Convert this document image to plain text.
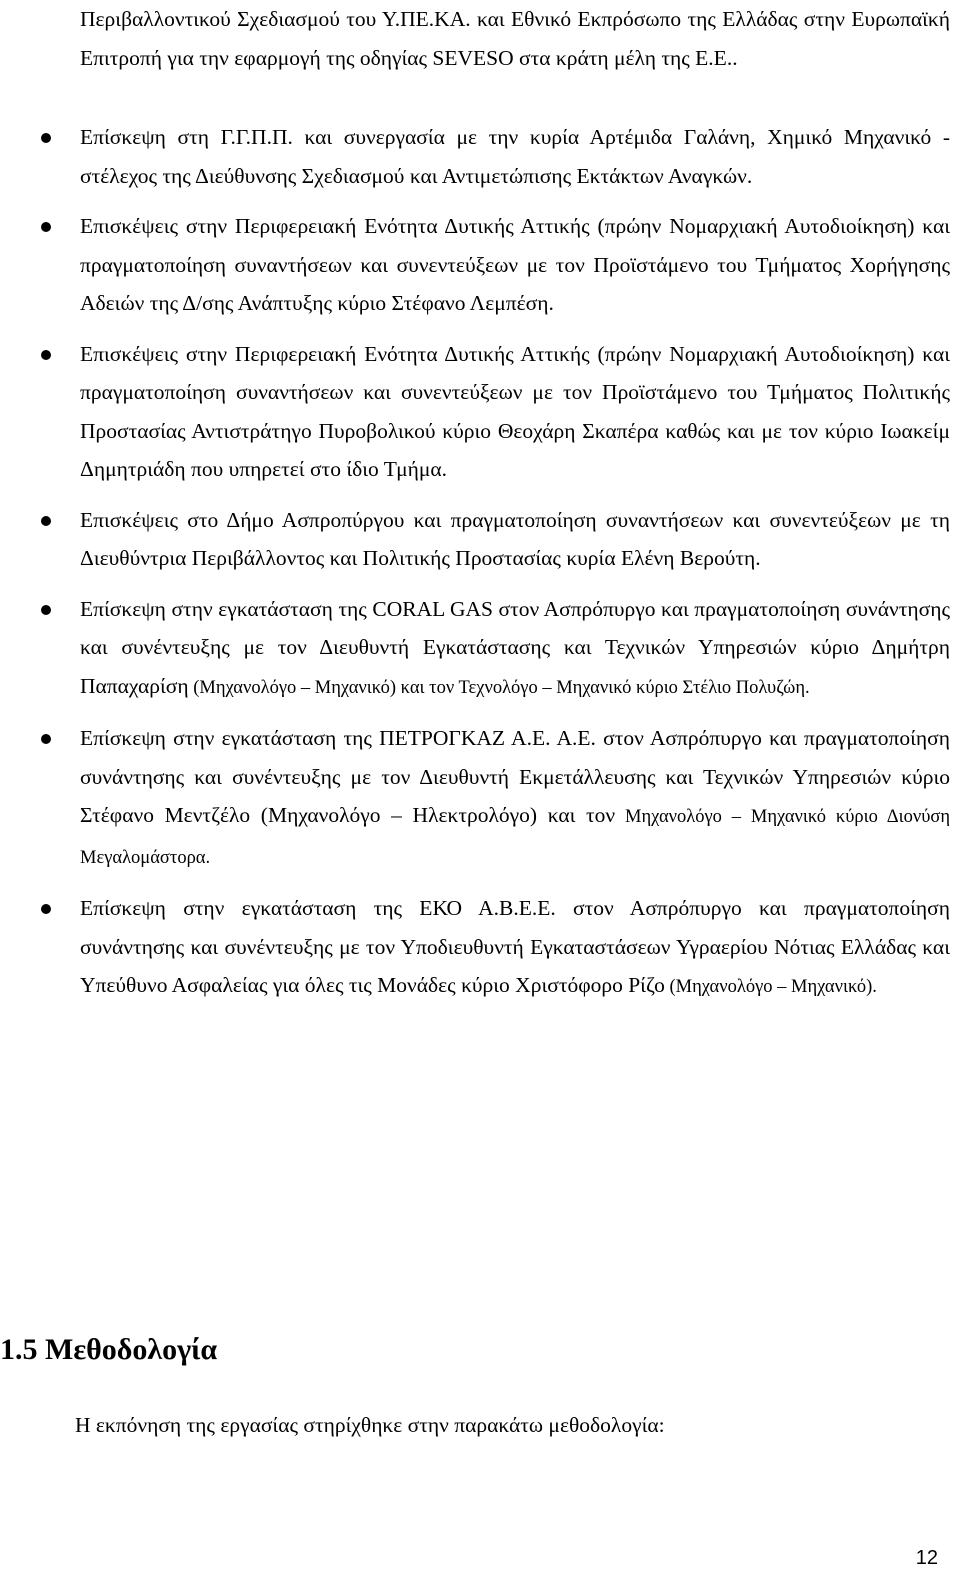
Περιβαλλοντικού Σχεδιασμού του Υ.ΠΕ.ΚΑ. και Εθνικό Εκπρόσωπο της Ελλάδας στην Ευρωπαϊκή Επιτροπή για την εφαρμογή της οδηγίας SEVESO στα κράτη μέλη της Ε.Ε..

Επίσκεψη στη Γ.Γ.Π.Π. και συνεργασία με την κυρία Αρτέμιδα Γαλάνη, Χημικό Μηχανικό - στέλεχος της Διεύθυνσης Σχεδιασμού και Αντιμετώπισης Εκτάκτων Αναγκών.
Επισκέψεις στην Περιφερειακή Ενότητα Δυτικής Αττικής (πρώην Νομαρχιακή Αυτοδιοίκηση) και πραγματοποίηση συναντήσεων και συνεντεύξεων με τον Προϊστάμενο του Τμήματος Χορήγησης Αδειών της Δ/σης Ανάπτυξης κύριο Στέφανο Λεμπέση.
Επισκέψεις στην Περιφερειακή Ενότητα Δυτικής Αττικής (πρώην Νομαρχιακή Αυτοδιοίκηση) και πραγματοποίηση συναντήσεων και συνεντεύξεων με τον Προϊστάμενο του Τμήματος Πολιτικής Προστασίας Αντιστράτηγο Πυροβολικού κύριο Θεοχάρη Σκαπέρα καθώς και με τον κύριο Ιωακείμ Δημητριάδη που υπηρετεί στο ίδιο Τμήμα.
Επισκέψεις στο Δήμο Ασπροπύργου και πραγματοποίηση συναντήσεων και συνεντεύξεων με τη Διευθύντρια Περιβάλλοντος και Πολιτικής Προστασίας κυρία Ελένη Βερούτη.
Επίσκεψη στην εγκατάσταση της CORAL GAS στον Ασπρόπυργο και πραγματοποίηση συνάντησης και συνέντευξης με τον Διευθυντή Εγκατάστασης και Τεχνικών Υπηρεσιών κύριο Δημήτρη Παπαχαρίση (Μηχανολόγο – Μηχανικό) και τον Τεχνολόγο – Μηχανικό κύριο Στέλιο Πολυζώη.
Επίσκεψη στην εγκατάσταση της ΠΕΤΡΟΓΚΑΖ Α.Ε. Α.Ε. στον Ασπρόπυργο και πραγματοποίηση συνάντησης και συνέντευξης με τον Διευθυντή Εκμετάλλευσης και Τεχνικών Υπηρεσιών κύριο Στέφανο Μεντζέλο (Μηχανολόγο – Ηλεκτρολόγο) και τον Μηχανολόγο – Μηχανικό κύριο Διονύση Μεγαλομάστορα.
Επίσκεψη στην εγκατάσταση της ΕΚΟ Α.Β.Ε.Ε. στον Ασπρόπυργο και πραγματοποίηση συνάντησης και συνέντευξης με τον Υποδιευθυντή Εγκαταστάσεων Υγραερίου Νότιας Ελλάδας και Υπεύθυνο Ασφαλείας για όλες τις Μονάδες κύριο Χριστόφορο Ρίζο (Μηχανολόγο – Μηχανικό).
1.5 Μεθοδολογία

Η εκπόνηση της εργασίας στηρίχθηκε στην παρακάτω μεθοδολογία:

12
